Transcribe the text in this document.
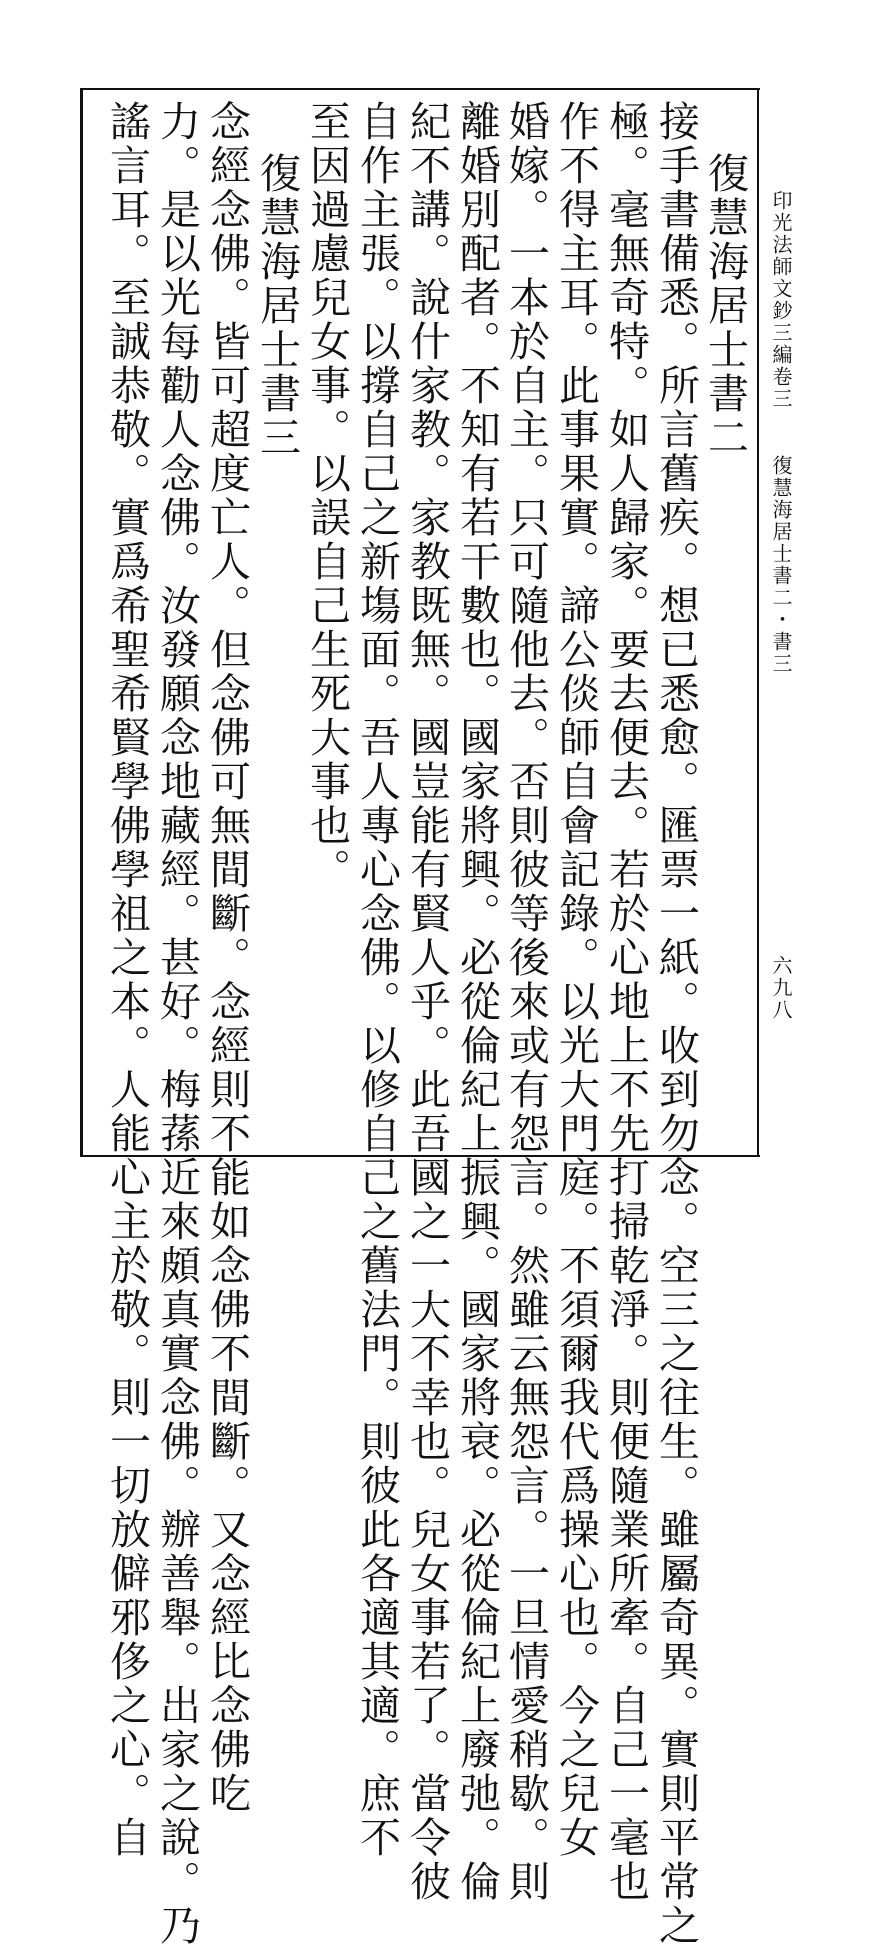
印光法師文鈔三編卷三
復慧海居士書二・書三
六九八
復慧海居士書二
接手書備悉。所言舊疾。想已悉愈。匯票一紙。收到勿念。空三之往生。雖屬奇異。實則平常之
極。毫無奇特。如人歸家。要去便去。若於心地上不先打掃乾淨。則便隨業所牽。自己一毫也
作不得主耳。此事果實。諦公倓師自會記錄。以光大門庭。不須爾我代爲操心也。今之兒女
婚嫁。一本於自主。只可隨他去。否則彼等後來或有怨言。然雖云無怨言。一旦情愛稍歇。則
離婚別配者。不知有若干數也。國家將興。必從倫紀上振興。國家將衰。必從倫紀上廢弛。倫
紀不講。說什家教。家教既無。國豈能有賢人乎。此吾國之一大不幸也。兒女事若了。當令彼
自作主張。以撐自己之新塲面。吾人專心念佛。以修自己之舊法門。則彼此各適其適。庶不
至因過慮兒女事。以誤自己生死大事也。
復慧海居士書三
念經念佛。皆可超度亡人。但念佛可無間斷。念經則不能如念佛不間斷。又念經比念佛吃
力。是以光每勸人念佛。汝發願念地藏經。甚好。梅蓀近來頗真實念佛。辦善舉。出家之說。乃
謠言耳。至誠恭敬。實爲希聖希賢學佛學祖之本。人能心主於敬。則一切放僻邪侈之心。自
